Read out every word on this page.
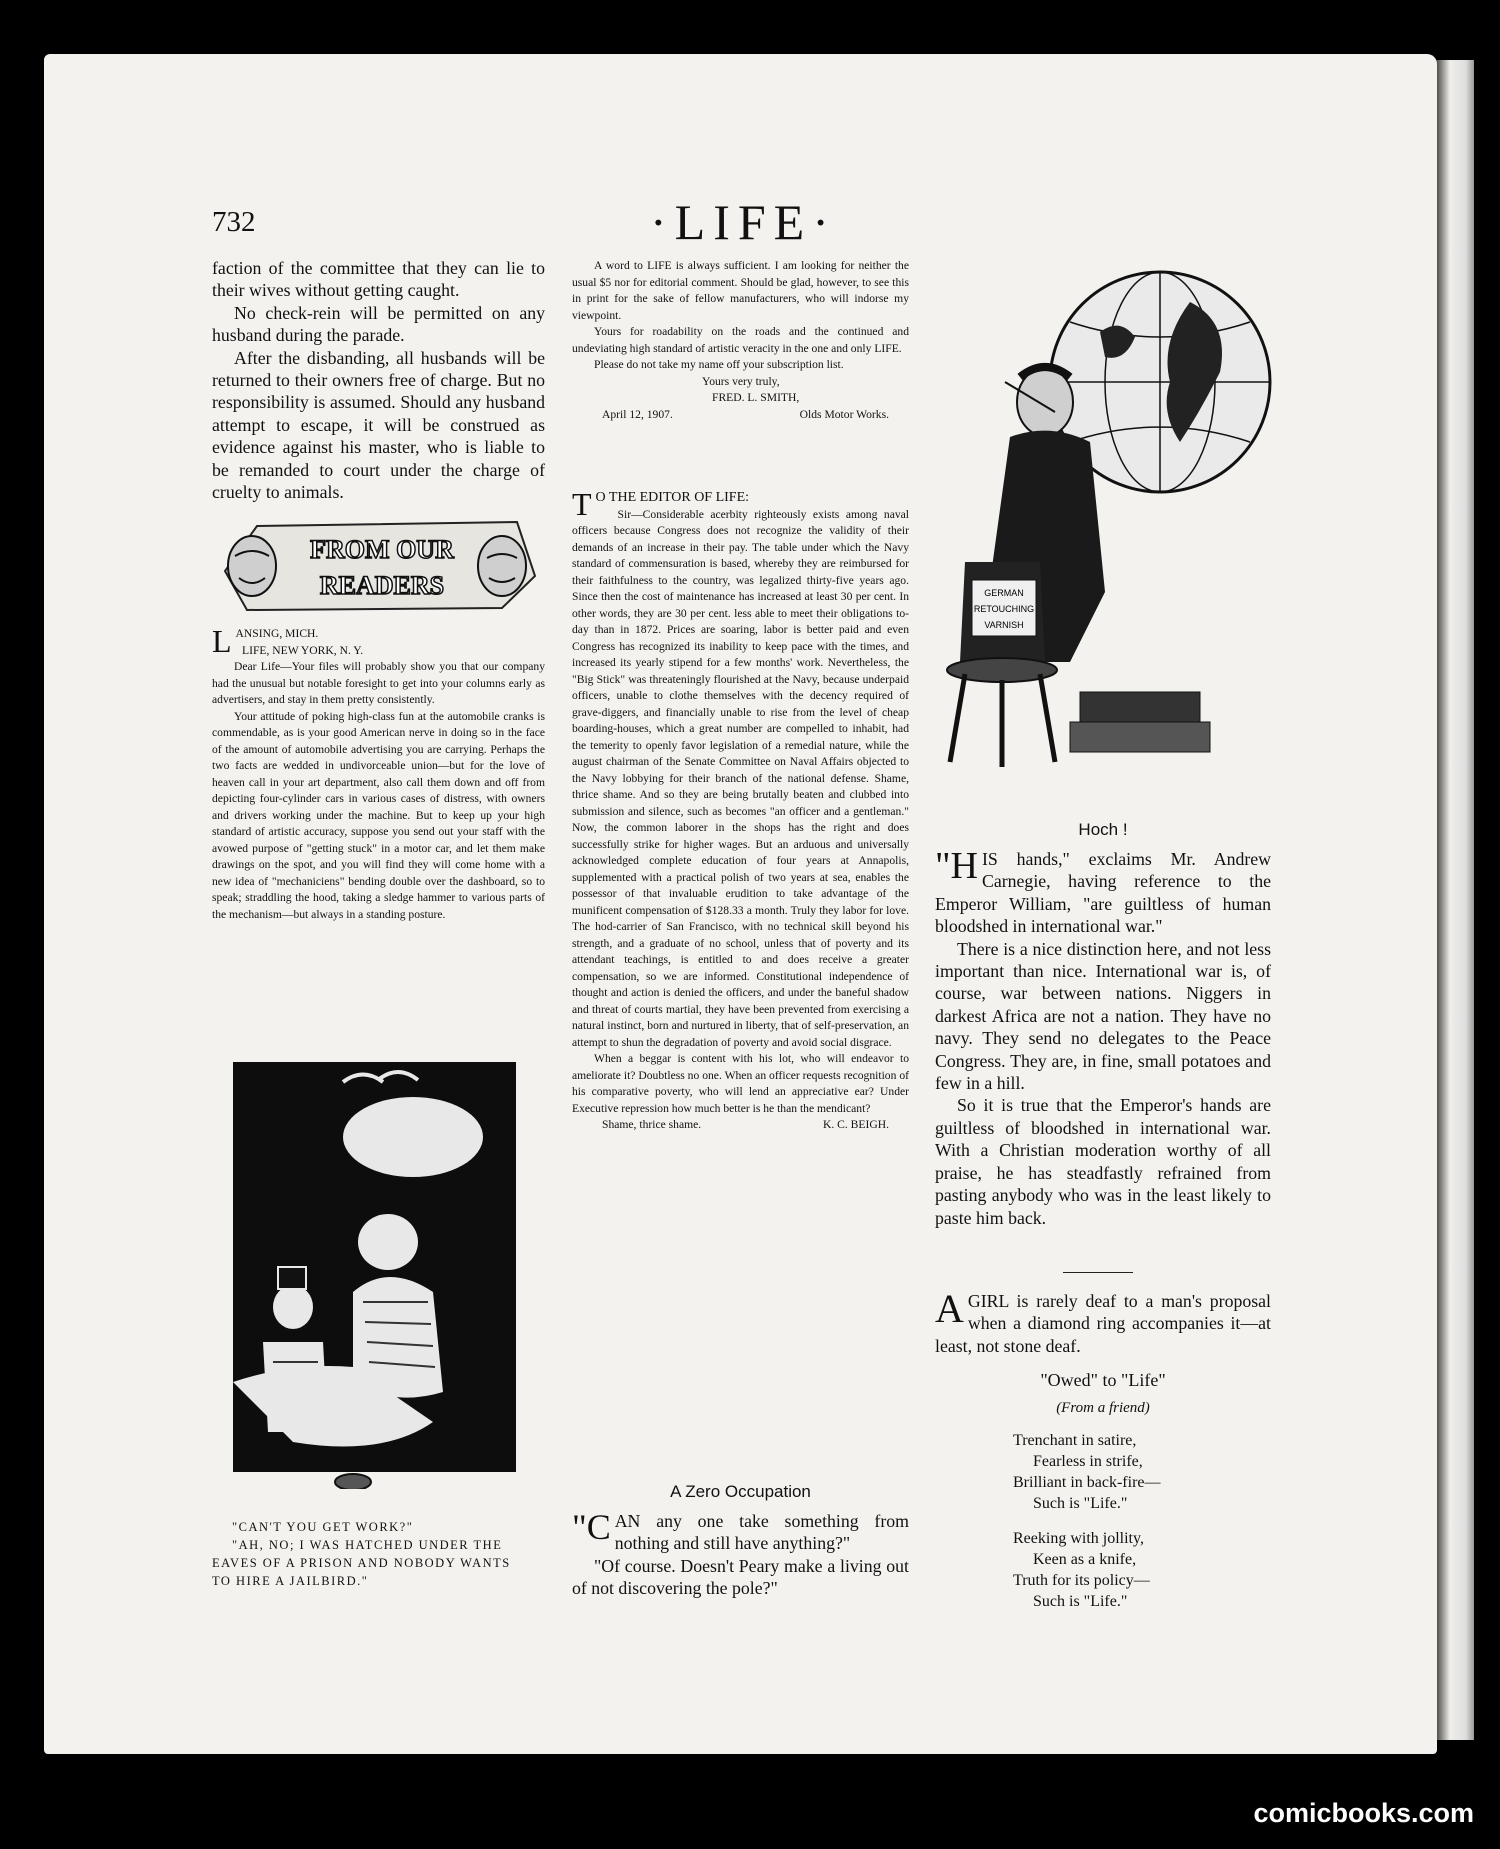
732	·LIFE·

faction of the committee that they can lie to their wives without getting caught.

No check-rein will be permitted on any husband during the parade.

After the disbanding, all husbands will be returned to their owners free of charge. But no responsibility is assumed. Should any husband attempt to escape, it will be construed as evidence against his master, who is liable to be remanded to court under the charge of cruelty to animals.

FROM OUR
READERS

LANSING, MICH.

LIFE, NEW YORK, N. Y.

Dear Life—Your files will probably show you that our company had the unusual but notable foresight to get into your columns early as advertisers, and stay in them pretty consistently.

Your attitude of poking high-class fun at the automobile cranks is commendable, as is your good American nerve in doing so in the face of the amount of automobile advertising you are carrying. Perhaps the two facts are wedded in undivorceable union—but for the love of heaven call in your art department, also call them down and off from depicting four-cylinder cars in various cases of distress, with owners and drivers working under the machine. But to keep up your high standard of artistic accuracy, suppose you send out your staff with the avowed purpose of "getting stuck" in a motor car, and let them make drawings on the spot, and you will find they will come home with a new idea of "mechaniciens" bending double over the dashboard, so to speak; straddling the hood, taking a sledge hammer to various parts of the mechanism—but always in a standing posture.

"CAN'T YOU GET WORK?"

"AH, NO; I WAS HATCHED UNDER THE EAVES OF A PRISON AND NOBODY WANTS TO HIRE A JAILBIRD."

A word to LIFE is always sufficient. I am looking for neither the usual $5 nor for editorial comment. Should be glad, however, to see this in print for the sake of fellow manufacturers, who will indorse my viewpoint.

Yours for roadability on the roads and the continued and undeviating high standard of artistic veracity in the one and only LIFE.

Please do not take my name off your subscription list.

Yours very truly,

FRED. L. SMITH,

April 12, 1907.	Olds Motor Works.

T O THE EDITOR OF LIFE:

Sir—Considerable acerbity righteously exists among naval officers because Congress does not recognize the validity of their demands of an increase in their pay. The table under which the Navy standard of commensuration is based, whereby they are reimbursed for their faithfulness to the country, was legalized thirty-five years ago. Since then the cost of maintenance has increased at least 30 per cent. In other words, they are 30 per cent. less able to meet their obligations to-day than in 1872. Prices are soaring, labor is better paid and even Congress has recognized its inability to keep pace with the times, and increased its yearly stipend for a few months' work. Nevertheless, the "Big Stick" was threateningly flourished at the Navy, because underpaid officers, unable to clothe themselves with the decency required of grave-diggers, and financially unable to rise from the level of cheap boarding-houses, which a great number are compelled to inhabit, had the temerity to openly favor legislation of a remedial nature, while the august chairman of the Senate Committee on Naval Affairs objected to the Navy lobbying for their branch of the national defense. Shame, thrice shame. And so they are being brutally beaten and clubbed into submission and silence, such as becomes "an officer and a gentleman." Now, the common laborer in the shops has the right and does successfully strike for higher wages. But an arduous and universally acknowledged complete education of four years at Annapolis, supplemented with a practical polish of two years at sea, enables the possessor of that invaluable erudition to take advantage of the munificent compensation of $128.33 a month. Truly they labor for love. The hod-carrier of San Francisco, with no technical skill beyond his strength, and a graduate of no school, unless that of poverty and its attendant teachings, is entitled to and does receive a greater compensation, so we are informed. Constitutional independence of thought and action is denied the officers, and under the baneful shadow and threat of courts martial, they have been prevented from exercising a natural instinct, born and nurtured in liberty, that of self-preservation, an attempt to shun the degradation of poverty and avoid social disgrace.

When a beggar is content with his lot, who will endeavor to ameliorate it? Doubtless no one. When an officer requests recognition of his comparative poverty, who will lend an appreciative ear? Under Executive repression how much better is he than the mendicant?

Shame, thrice shame.	K. C. BEIGH.

A Zero Occupation

"CAN any one take something from nothing and still have anything?"

"Of course. Doesn't Peary make a living out of not discovering the pole?"

GERMAN
RETOUCHING
VARNISH
Hoch !

"HIS hands," exclaims Mr. Andrew Carnegie, having reference to the Emperor William, "are guiltless of human bloodshed in international war."

There is a nice distinction here, and not less important than nice. International war is, of course, war between nations. Niggers in darkest Africa are not a nation. They have no navy. They send no delegates to the Peace Congress. They are, in fine, small potatoes and few in a hill.

So it is true that the Emperor's hands are guiltless of bloodshed in international war. With a Christian moderation worthy of all praise, he has steadfastly refrained from pasting anybody who was in the least likely to paste him back.

AGIRL is rarely deaf to a man's proposal when a diamond ring accompanies it—at least, not stone deaf.

"Owed" to "Life"
(From a friend)
Trenchant in satire,
Fearless in strife,
Brilliant in back-fire—
Such is "Life."
Reeking with jollity,
Keen as a knife,
Truth for its policy—
Such is "Life."
comicbooks.com
